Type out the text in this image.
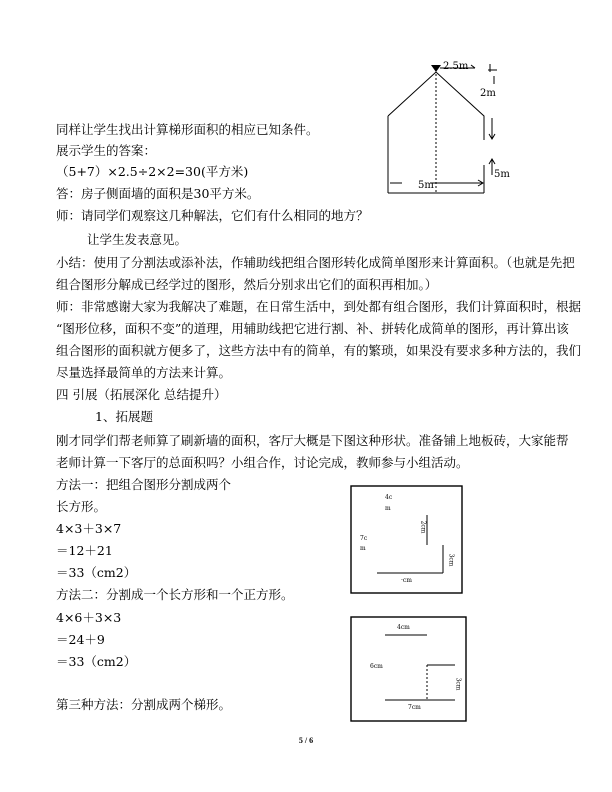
2.5m
2m
5m
5m
同样让学生找出计算梯形面积的相应已知条件。
展示学生的答案：
（5+7）×2.5÷2×2=30(平方米)
答：房子侧面墙的面积是30平方米。
师：请同学们观察这几种解法，它们有什么相同的地方？
让学生发表意见。
小结：使用了分割法或添补法，作辅助线把组合图形转化成简单图形来计算面积。（也就是先把
组合图形分解成已经学过的图形，然后分别求出它们的面积再相加。）
师：非常感谢大家为我解决了难题，在日常生活中，到处都有组合图形，我们计算面积时，根据
“图形位移，面积不变”的道理，用辅助线把它进行割、补、拼转化成简单的图形，再计算出该
组合图形的面积就方便多了，这些方法中有的简单，有的繁琐，如果没有要求多种方法的，我们
尽量选择最简单的方法来计算。
四 引展（拓展深化 总结提升）
1、拓展题
刚才同学们帮老师算了刷新墙的面积，客厅大概是下图这种形状。准备铺上地板砖，大家能帮
老师计算一下客厅的总面积吗？小组合作，讨论完成，教师参与小组活动。
方法一：把组合图形分割成两个
长方形。
4×3＋3×7
＝12＋21
＝33（cm2）
方法二：分割成一个长方形和一个正方形。
4×6＋3×3
＝24＋9
＝33（cm2）
第三种方法：分割成两个梯形。
4c
m
7c
m
2cm
3cm
·cm
4cm
6cm
3cm
7cm
5 / 6
